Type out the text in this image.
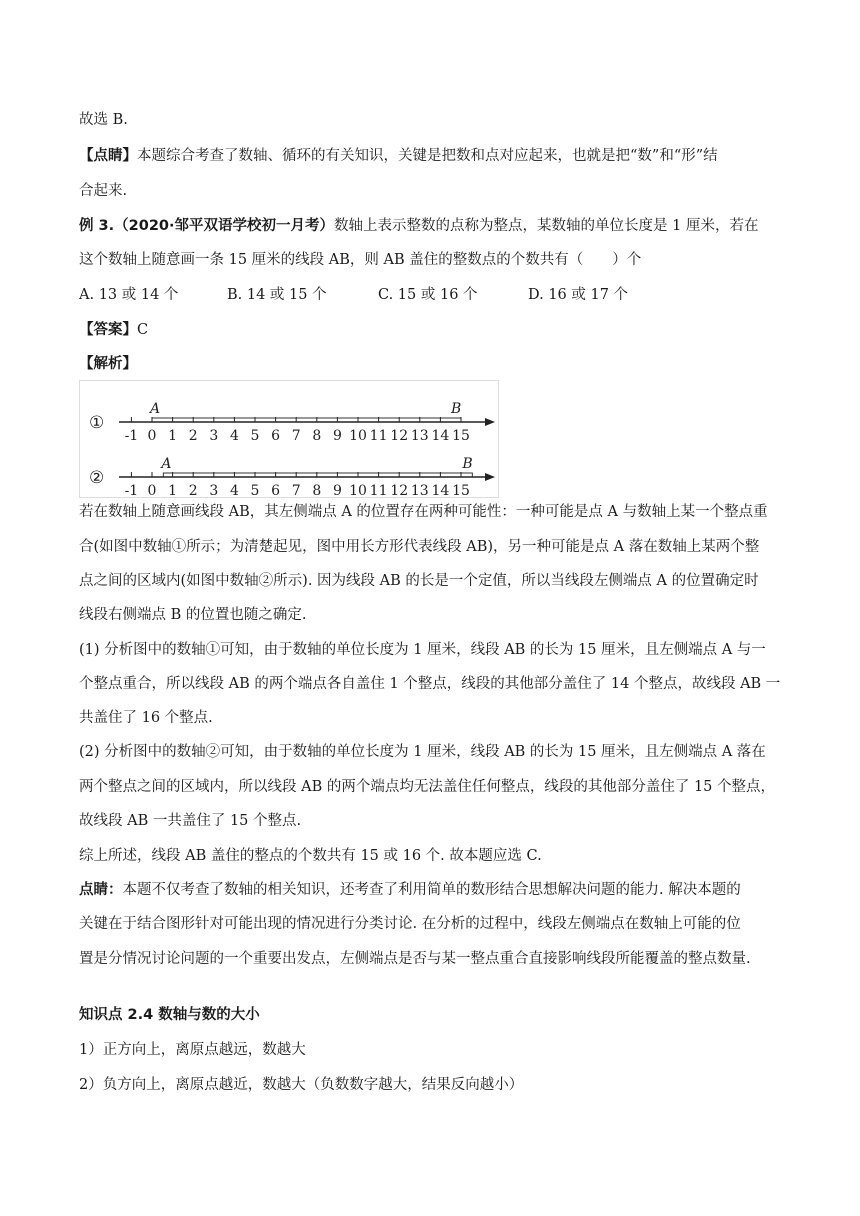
故选 B.
【点睛】本题综合考查了数轴、循环的有关知识，关键是把数和点对应起来，也就是把“数”和“形”结
合起来.
例 3.（2020·邹平双语学校初一月考）数轴上表示整数的点称为整点，某数轴的单位长度是 1 厘米，若在
这个数轴上随意画一条 15 厘米的线段 AB，则 AB 盖住的整数点的个数共有（　　）个
A. 13 或 14 个	B. 14 或 15 个	C. 15 或 16 个	D. 16 或 17 个
【答案】C
【解析】
①
-1 0 1 2 3 4 5 6 7 8 9 10 11 12 13 14 15
A	B
②
-1 0 1 2 3 4 5 6 7 8 9 10 11 12 13 14 15
A	B
若在数轴上随意画线段 AB，其左侧端点 A 的位置存在两种可能性：一种可能是点 A 与数轴上某一个整点重
合(如图中数轴①所示；为清楚起见，图中用长方形代表线段 AB)，另一种可能是点 A 落在数轴上某两个整
点之间的区域内(如图中数轴②所示). 因为线段 AB 的长是一个定值，所以当线段左侧端点 A 的位置确定时
线段右侧端点 B 的位置也随之确定.
(1) 分析图中的数轴①可知，由于数轴的单位长度为 1 厘米，线段 AB 的长为 15 厘米，且左侧端点 A 与一
个整点重合，所以线段 AB 的两个端点各自盖住 1 个整点，线段的其他部分盖住了 14 个整点，故线段 AB 一
共盖住了 16 个整点.
(2) 分析图中的数轴②可知，由于数轴的单位长度为 1 厘米，线段 AB 的长为 15 厘米，且左侧端点 A 落在
两个整点之间的区域内，所以线段 AB 的两个端点均无法盖住任何整点，线段的其他部分盖住了 15 个整点，
故线段 AB 一共盖住了 15 个整点.
综上所述，线段 AB 盖住的整点的个数共有 15 或 16 个. 故本题应选 C.
点睛：本题不仅考查了数轴的相关知识，还考查了利用简单的数形结合思想解决问题的能力. 解决本题的
关键在于结合图形针对可能出现的情况进行分类讨论. 在分析的过程中，线段左侧端点在数轴上可能的位
置是分情况讨论问题的一个重要出发点，左侧端点是否与某一整点重合直接影响线段所能覆盖的整点数量.
知识点 2.4 数轴与数的大小
1）正方向上，离原点越远，数越大
2）负方向上，离原点越近，数越大（负数数字越大，结果反向越小）
